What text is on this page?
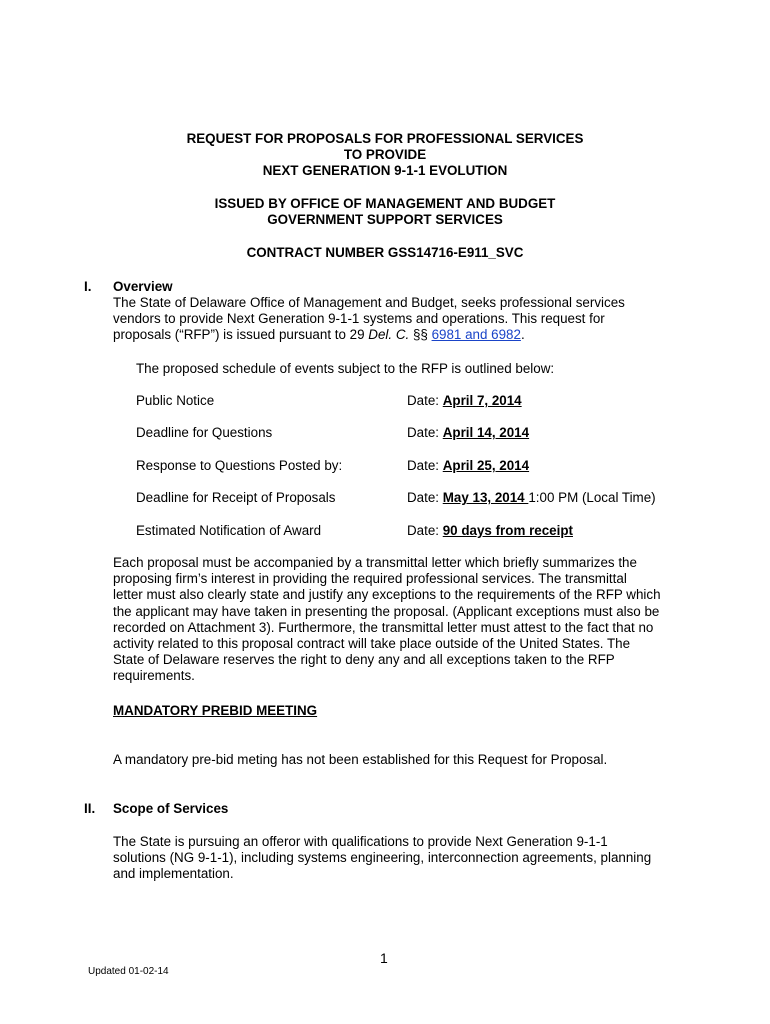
REQUEST FOR PROPOSALS FOR PROFESSIONAL SERVICES
TO PROVIDE
NEXT GENERATION 9-1-1 EVOLUTION
ISSUED BY OFFICE OF MANAGEMENT AND BUDGET
GOVERNMENT SUPPORT SERVICES
CONTRACT NUMBER GSS14716-E911_SVC
I. Overview
The State of Delaware Office of Management and Budget, seeks professional services
vendors to provide Next Generation 9-1-1 systems and operations. This request for
proposals (“RFP”) is issued pursuant to 29 Del. C. §§ 6981 and 6982.
The proposed schedule of events subject to the RFP is outlined below:
Public Notice	Date: April 7, 2014
Deadline for Questions	Date: April 14, 2014
Response to Questions Posted by:	Date: April 25, 2014
Deadline for Receipt of Proposals	Date: May 13, 2014 1:00 PM (Local Time)
Estimated Notification of Award	Date: 90 days from receipt
Each proposal must be accompanied by a transmittal letter which briefly summarizes the
proposing firm’s interest in providing the required professional services. The transmittal
letter must also clearly state and justify any exceptions to the requirements of the RFP which
the applicant may have taken in presenting the proposal. (Applicant exceptions must also be
recorded on Attachment 3). Furthermore, the transmittal letter must attest to the fact that no
activity related to this proposal contract will take place outside of the United States. The
State of Delaware reserves the right to deny any and all exceptions taken to the RFP
requirements.
MANDATORY PREBID MEETING
A mandatory pre-bid meting has not been established for this Request for Proposal.
II. Scope of Services
The State is pursuing an offeror with qualifications to provide Next Generation 9-1-1
solutions (NG 9-1-1), including systems engineering, interconnection agreements, planning
and implementation.
1
Updated 01-02-14
